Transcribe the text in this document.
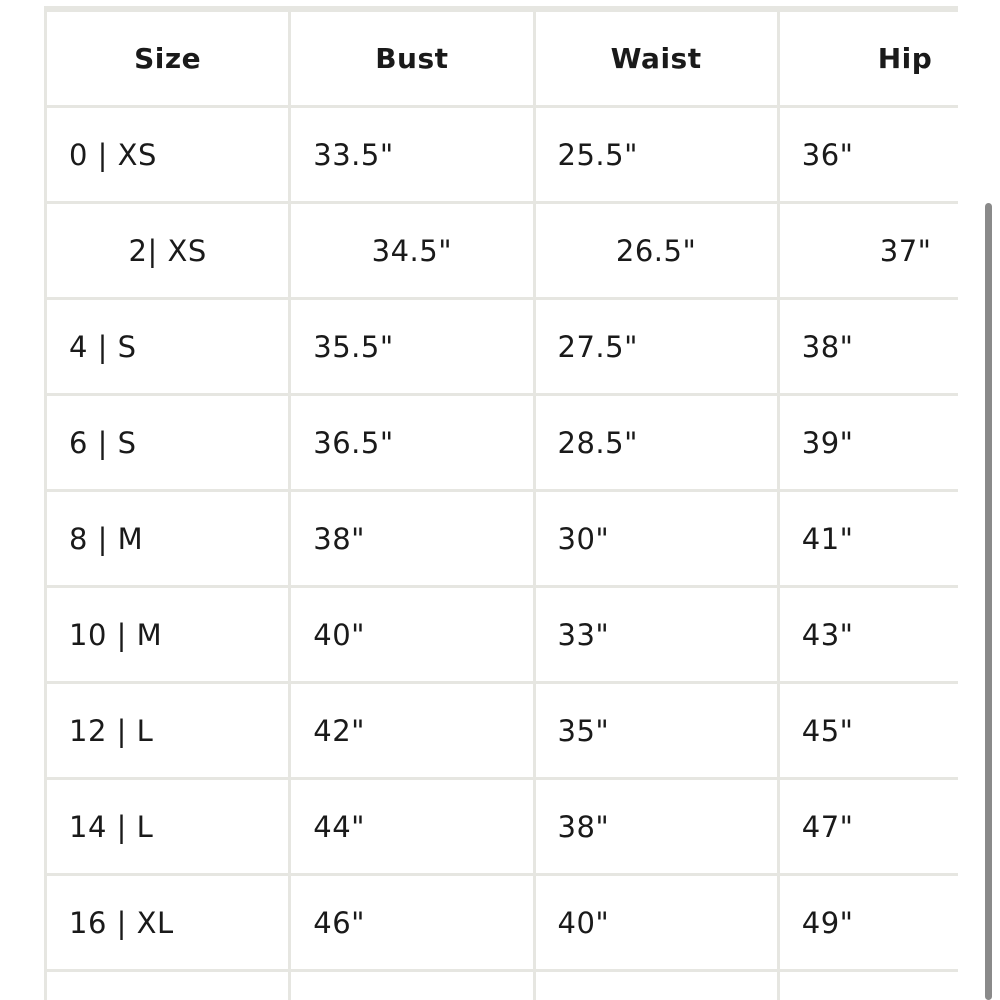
Size	Bust	Waist	Hip
0 | XS	33.5"	25.5"	36"
2| XS	34.5"	26.5"	37"
4 | S	35.5"	27.5"	38"
6 | S	36.5"	28.5"	39"
8 | M	38"	30"	41"
10 | M	40"	33"	43"
12 | L	42"	35"	45"
14 | L	44"	38"	47"
16 | XL	46"	40"	49"
